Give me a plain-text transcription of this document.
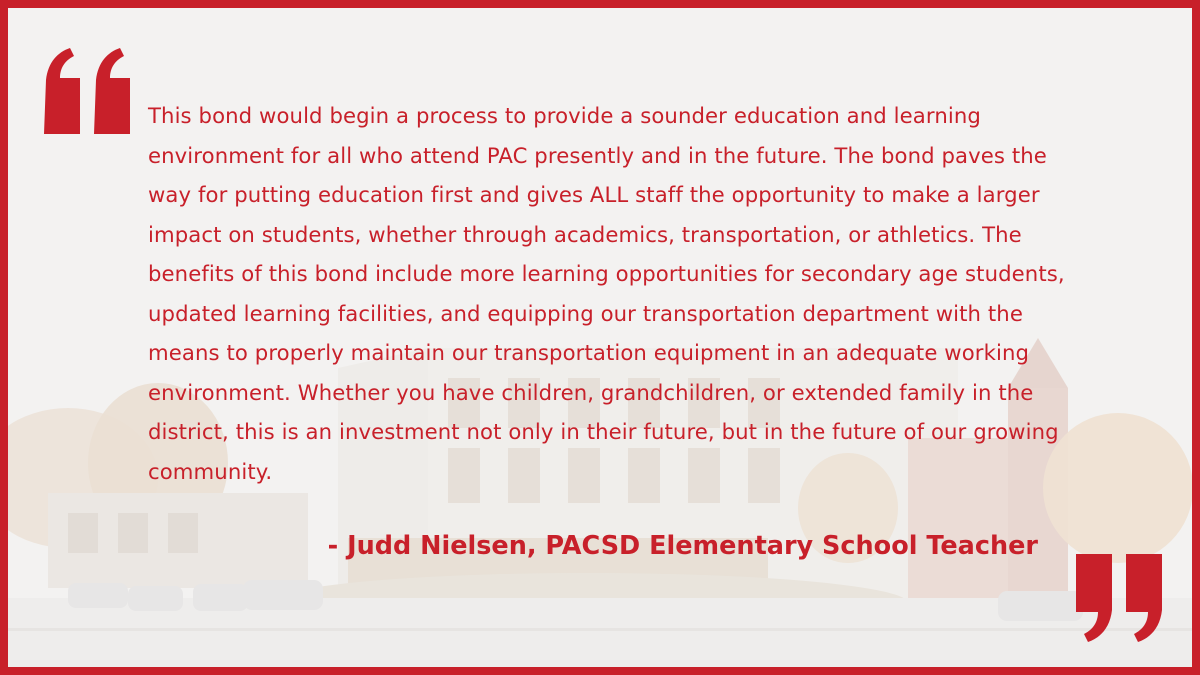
This bond would begin a process to provide a sounder education and learning environment for all who attend PAC presently and in the future. The bond paves the way for putting education first and gives ALL staff the opportunity to make a larger impact on students, whether through academics, transportation, or athletics. The benefits of this bond include more learning opportunities for secondary age students, updated learning facilities, and equipping our transportation department with the means to properly maintain our transportation equipment in an adequate working environment. Whether you have children, grandchildren, or extended family in the district, this is an investment not only in their future, but in the future of our growing community.

- Judd Nielsen, PACSD Elementary School Teacher
